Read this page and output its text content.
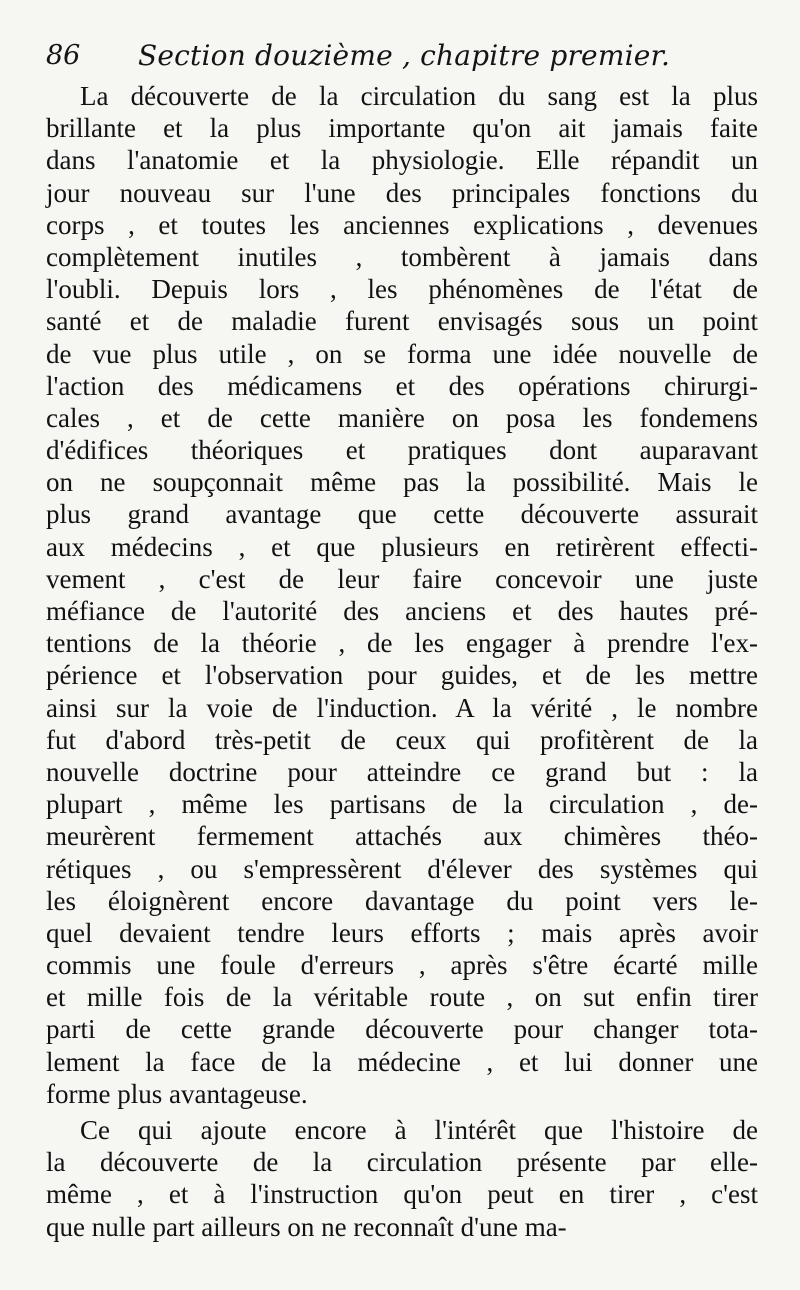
86 Section douzième , chapitre premier.

La découverte de la circulation du sang est la plus
brillante et la plus importante qu'on ait jamais faite
dans l'anatomie et la physiologie. Elle répandit un
jour nouveau sur l'une des principales fonctions du
corps , et toutes les anciennes explications , devenues
complètement inutiles , tombèrent à jamais dans
l'oubli. Depuis lors , les phénomènes de l'état de
santé et de maladie furent envisagés sous un point
de vue plus utile , on se forma une idée nouvelle de
l'action des médicamens et des opérations chirurgi-
cales , et de cette manière on posa les fondemens
d'édifices théoriques et pratiques dont auparavant
on ne soupçonnait même pas la possibilité. Mais le
plus grand avantage que cette découverte assurait
aux médecins , et que plusieurs en retirèrent effecti-
vement , c'est de leur faire concevoir une juste
méfiance de l'autorité des anciens et des hautes pré-
tentions de la théorie , de les engager à prendre l'ex-
périence et l'observation pour guides, et de les mettre
ainsi sur la voie de l'induction. A la vérité , le nombre
fut d'abord très-petit de ceux qui profitèrent de la
nouvelle doctrine pour atteindre ce grand but : la
plupart , même les partisans de la circulation , de-
meurèrent fermement attachés aux chimères théo-
rétiques , ou s'empressèrent d'élever des systèmes qui
les éloignèrent encore davantage du point vers le-
quel devaient tendre leurs efforts ; mais après avoir
commis une foule d'erreurs , après s'être écarté mille
et mille fois de la véritable route , on sut enfin tirer
parti de cette grande découverte pour changer tota-
lement la face de la médecine , et lui donner une
forme plus avantageuse.

Ce qui ajoute encore à l'intérêt que l'histoire de
la découverte de la circulation présente par elle-
même , et à l'instruction qu'on peut en tirer , c'est
que nulle part ailleurs on ne reconnaît d'une ma-
